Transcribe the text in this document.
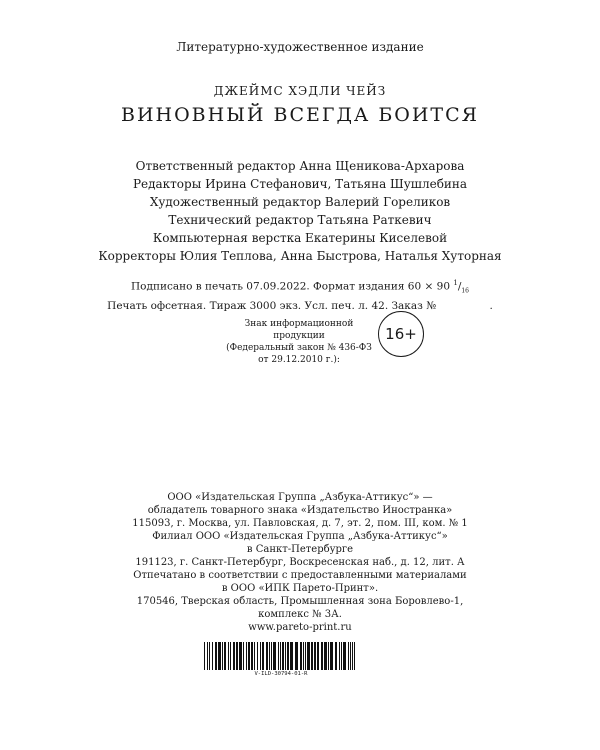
Литературно-художественное издание
ДЖЕЙМС ХЭДЛИ ЧЕЙЗ
ВИНОВНЫЙ ВСЕГДА БОИТСЯ
Ответственный редактор Анна Щеникова-Архарова
Редакторы Ирина Стефанович, Татьяна Шушлебина
Художественный редактор Валерий Гореликов
Технический редактор Татьяна Раткевич
Компьютерная верстка Екатерины Киселевой
Корректоры Юлия Теплова, Анна Быстрова, Наталья Хуторная
Подписано в печать 07.09.2022. Формат издания 60 × 90 $^1/_{16}$
Печать офсетная. Тираж 3000 экз. Усл. печ. л. 42. Заказ №	.
Знак информационной продукции
(Федеральный закон № 436-ФЗ от 29.12.2010 г.):
16+
ООО «Издательская Группа „Азбука-Аттикус“» —
обладатель товарного знака «Издательство Иностранка»
115093, г. Москва, ул. Павловская, д. 7, эт. 2, пом. III, ком. № 1
Филиал ООО «Издательская Группа „Азбука-Аттикус“»
в Санкт-Петербурге
191123, г. Санкт-Петербург, Воскресенская наб., д. 12, лит. А
Отпечатано в соответствии с предоставленными материалами
в ООО «ИПК Парето-Принт».
170546, Тверская область, Промышленная зона Боровлево-1,
комплекс № 3А.
www.pareto-print.ru
V-ILD-30794-01-R
